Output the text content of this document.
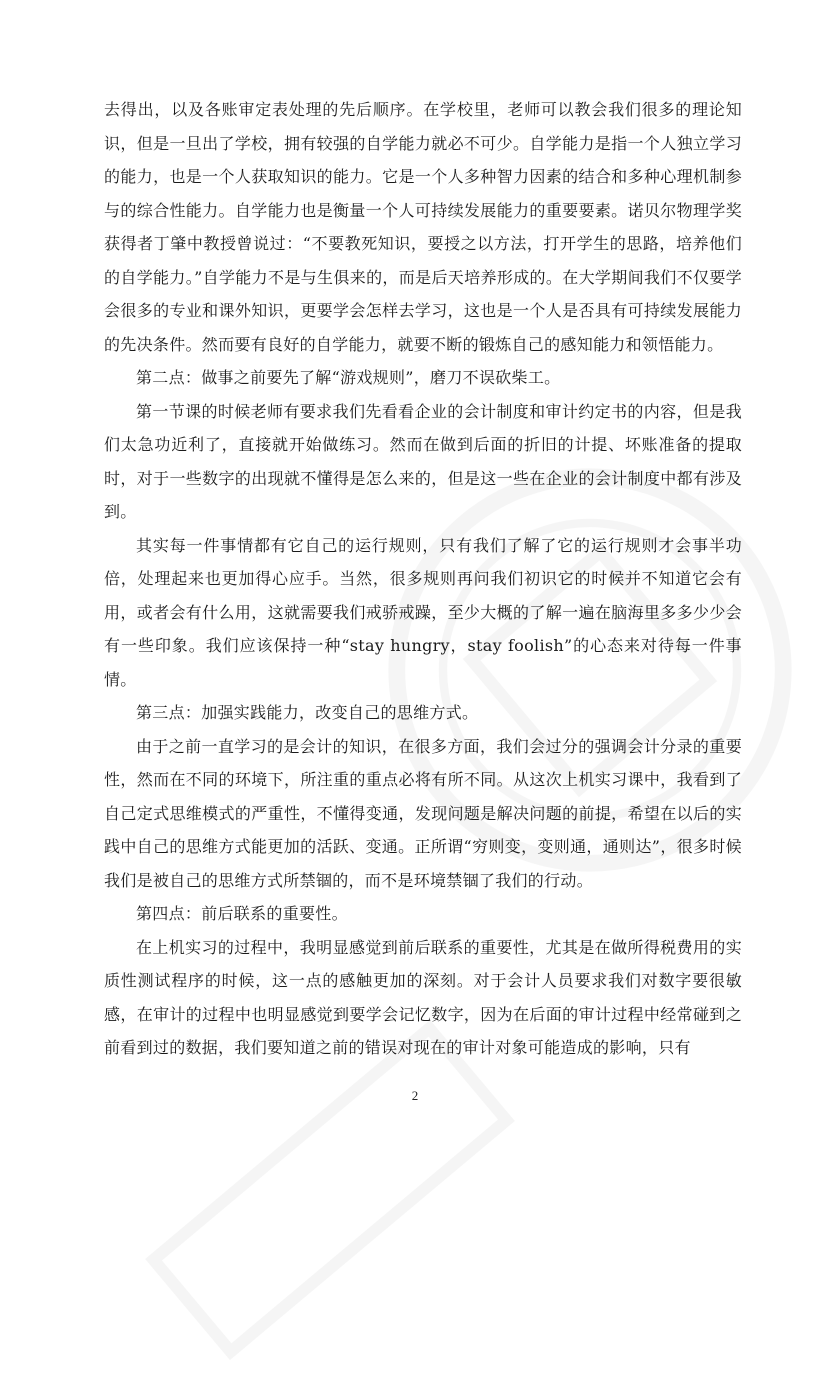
去得出，以及各账审定表处理的先后顺序。在学校里，老师可以教会我们很多的理论知识，但是一旦出了学校，拥有较强的自学能力就必不可少。自学能力是指一个人独立学习的能力，也是一个人获取知识的能力。它是一个人多种智力因素的结合和多种心理机制参与的综合性能力。自学能力也是衡量一个人可持续发展能力的重要要素。诺贝尔物理学奖获得者丁肇中教授曾说过：“不要教死知识，要授之以方法，打开学生的思路，培养他们的自学能力。”自学能力不是与生俱来的，而是后天培养形成的。在大学期间我们不仅要学会很多的专业和课外知识，更要学会怎样去学习，这也是一个人是否具有可持续发展能力的先决条件。然而要有良好的自学能力，就要不断的锻炼自己的感知能力和领悟能力。

第二点：做事之前要先了解“游戏规则”，磨刀不误砍柴工。

第一节课的时候老师有要求我们先看看企业的会计制度和审计约定书的内容，但是我们太急功近利了，直接就开始做练习。然而在做到后面的折旧的计提、坏账准备的提取时，对于一些数字的出现就不懂得是怎么来的，但是这一些在企业的会计制度中都有涉及到。

其实每一件事情都有它自己的运行规则，只有我们了解了它的运行规则才会事半功倍，处理起来也更加得心应手。当然，很多规则再问我们初识它的时候并不知道它会有用，或者会有什么用，这就需要我们戒骄戒躁，至少大概的了解一遍在脑海里多多少少会有一些印象。我们应该保持一种“stay hungry，stay foolish”的心态来对待每一件事情。

第三点：加强实践能力，改变自己的思维方式。

由于之前一直学习的是会计的知识，在很多方面，我们会过分的强调会计分录的重要性，然而在不同的环境下，所注重的重点必将有所不同。从这次上机实习课中，我看到了自己定式思维模式的严重性，不懂得变通，发现问题是解决问题的前提，希望在以后的实践中自己的思维方式能更加的活跃、变通。正所谓“穷则变，变则通，通则达”，很多时候我们是被自己的思维方式所禁锢的，而不是环境禁锢了我们的行动。

第四点：前后联系的重要性。

在上机实习的过程中，我明显感觉到前后联系的重要性，尤其是在做所得税费用的实质性测试程序的时候，这一点的感触更加的深刻。对于会计人员要求我们对数字要很敏感，在审计的过程中也明显感觉到要学会记忆数字，因为在后面的审计过程中经常碰到之前看到过的数据，我们要知道之前的错误对现在的审计对象可能造成的影响，只有

2
